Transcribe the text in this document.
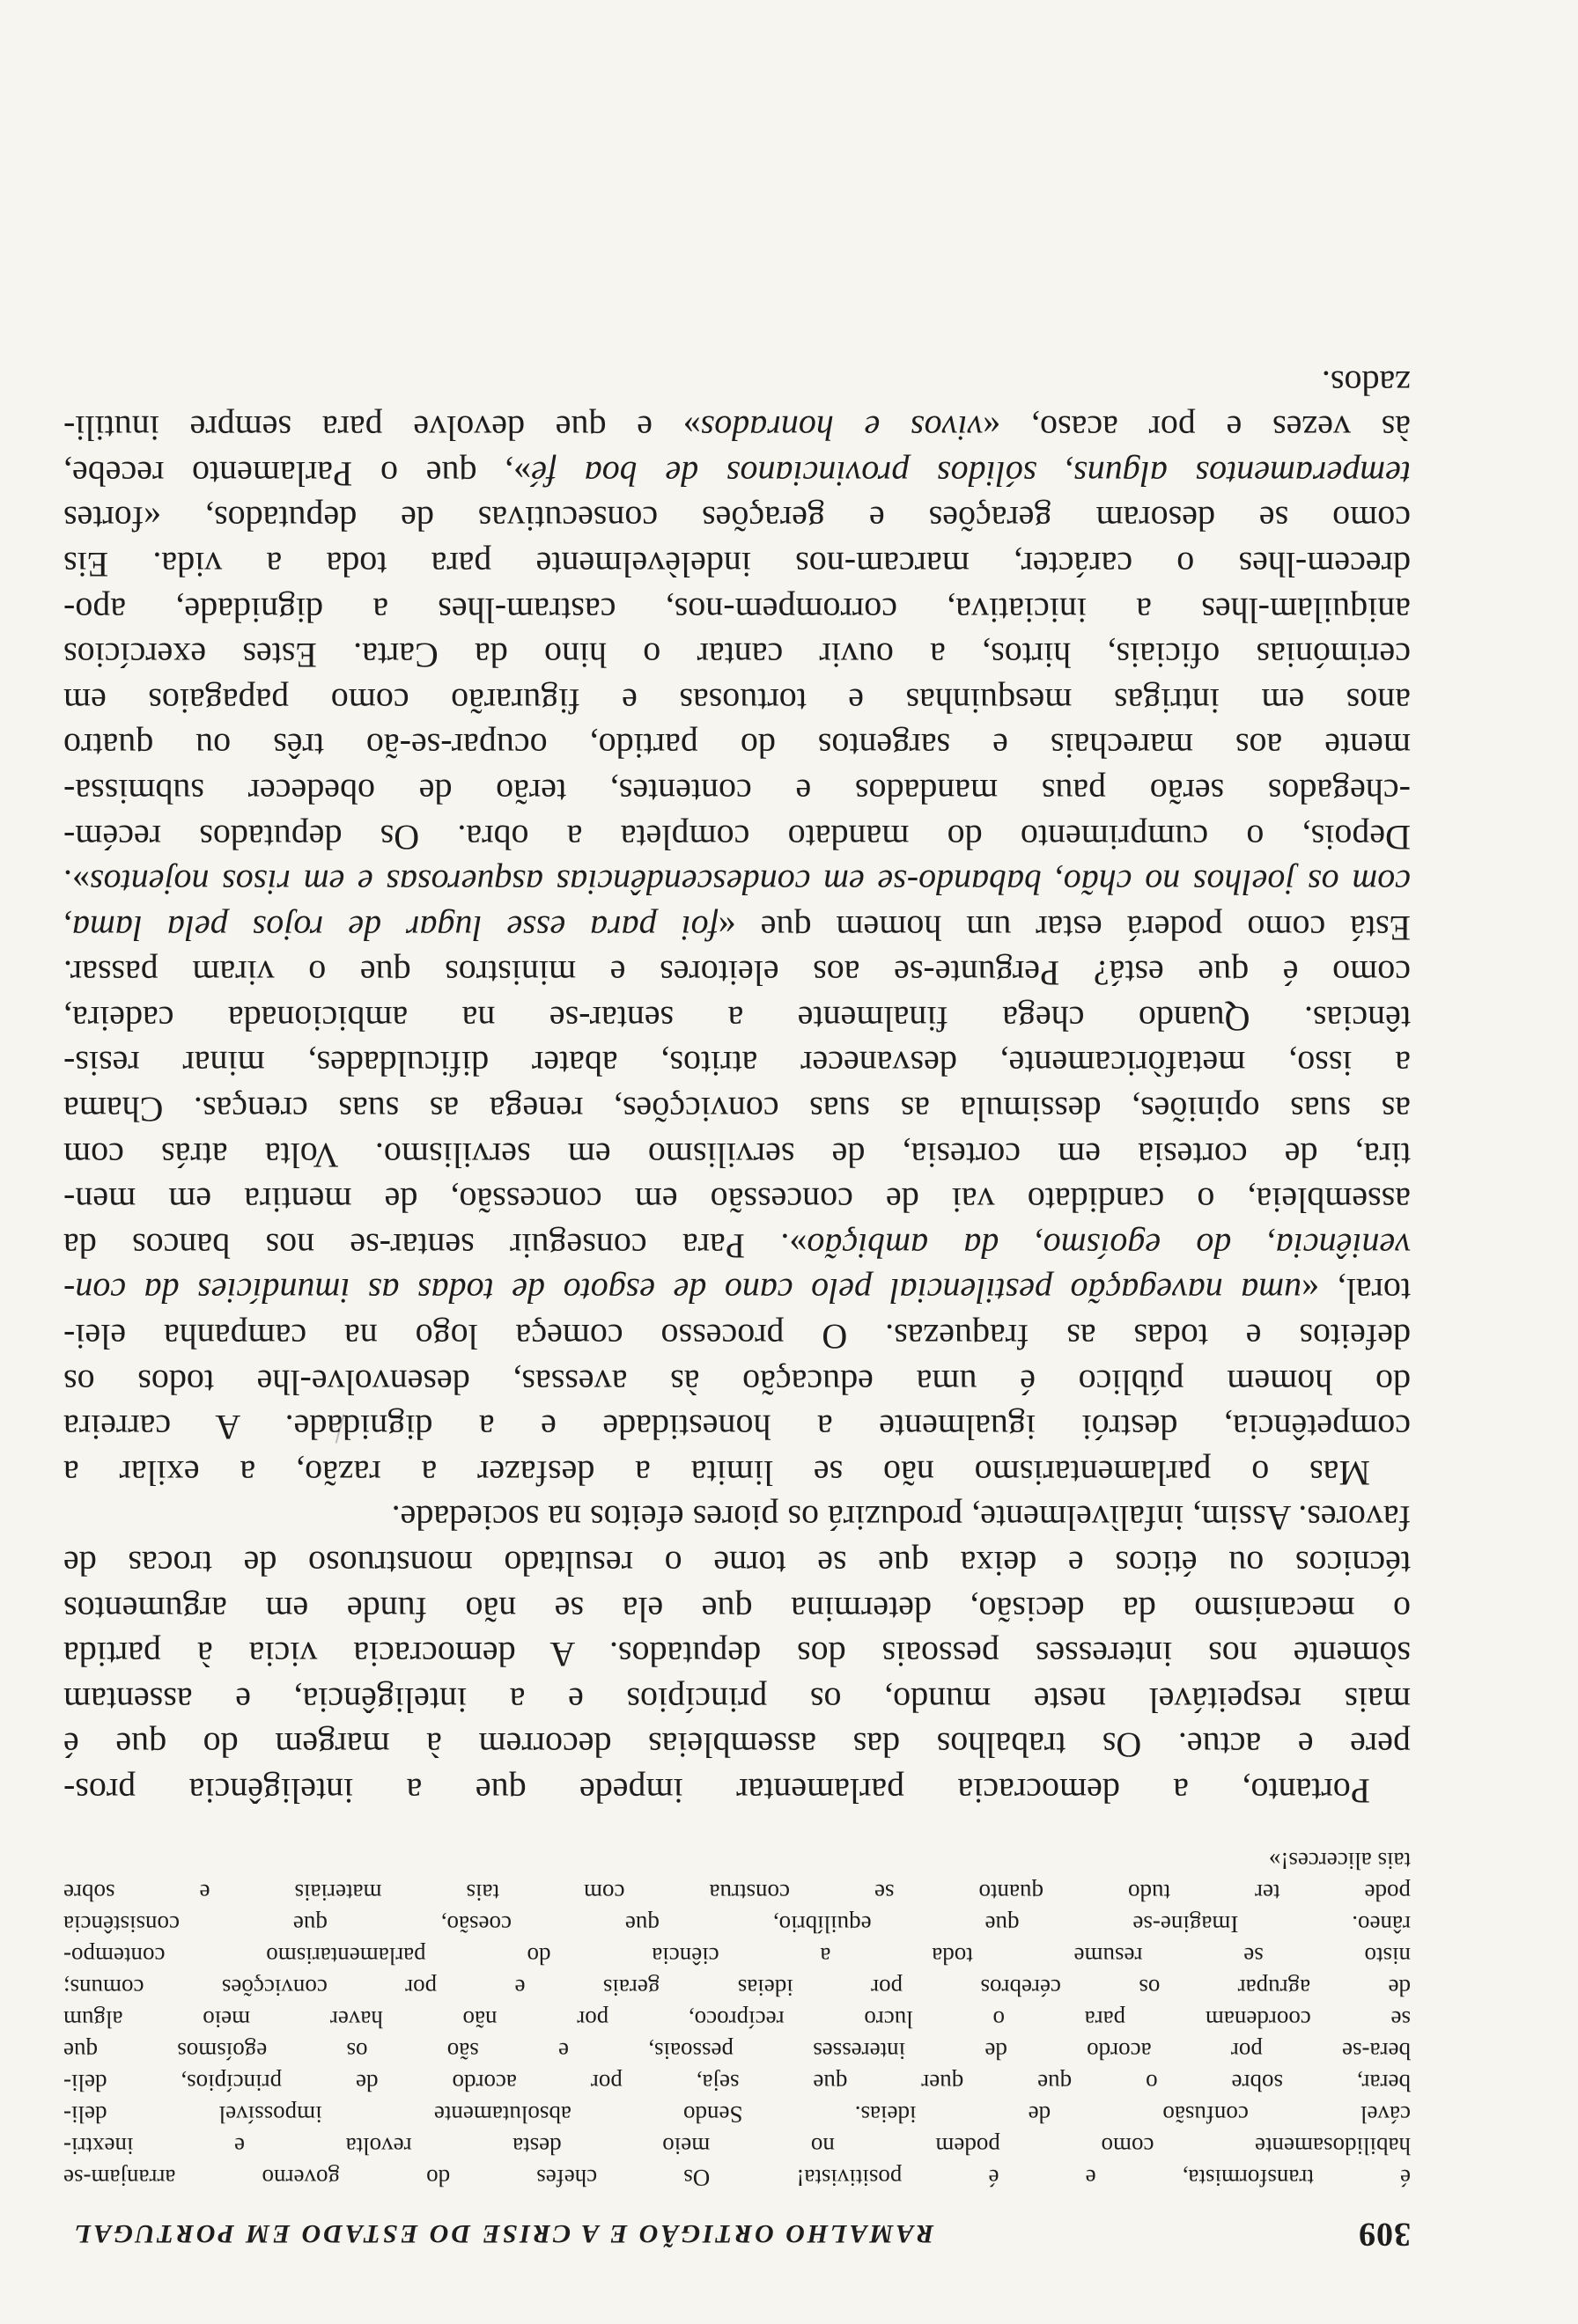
309
RAMALHO ORTIGÃO E A CRISE DO ESTADO EM PORTUGAL
é transformista, e é positivista! Os chefes do governo arranjam-se
habilidosamente como podem no meio desta revolta e inextri-
cável confusão de ideias. Sendo absolutamente impossível deli-
berar, sobre o que quer que seja, por acordo de princípios, deli-
bera-se por acordo de interesses pessoais, e são os egoísmos que
se coordenam para o lucro recíproco, por não haver meio algum
de agrupar os cérebros por ideias gerais e por convicções comuns;
nisto se resume toda a ciência do parlamentarismo contempo-
râneo. Imagine-se que equilíbrio, que coesão, que consistência
pode ter tudo quanto se construa com tais materiais e sobre
tais alicerces!»
Portanto, a democracia parlamentar impede que a inteligência pros-
pere e actue. Os trabalhos das assembleias decorrem à margem do que é
mais respeitável neste mundo, os princípios e a inteligência, e assentam
sòmente nos interesses pessoais dos deputados. A democracia vicia à partida
o mecanismo da decisão, determina que ela se não funde em argumentos
técnicos ou éticos e deixa que se torne o resultado monstruoso de trocas de
favores. Assim, infalìvelmente, produzirá os piores efeitos na sociedade.
Mas o parlamentarismo não se limita a desfazer a razão, a exilar a
competência, destrói igualmente a honestidade e a dignidade. A carreira
do homem público é uma educação às avessas, desenvolve-lhe todos os
defeitos e todas as fraquezas. O processo começa logo na campanha elei-
toral, «uma navegação pestilencial pelo cano de esgoto de todas as imundícies da con-
veniência, do egoísmo, da ambição». Para conseguir sentar-se nos bancos da
assembleia, o candidato vai de concessão em concessão, de mentira em men-
tira, de cortesia em cortesia, de servilismo em servilismo. Volta atrás com
as suas opiniões, dessimula as suas convicções, renega as suas crenças. Chama
a isso, metafòricamente, desvanecer atritos, abater dificuldades, minar resis-
tências. Quando chega finalmente a sentar-se na ambicionada cadeira,
como é que está? Pergunte-se aos eleitores e ministros que o viram passar.
Está como poderá estar um homem que «foi para esse lugar de rojos pela lama,
com os joelhos no chão, babando-se em condescendências asquerosas e em risos nojentos».
Depois, o cumprimento do mandato completa a obra. Os deputados recém-
-chegados serão paus mandados e contentes, terão de obedecer submissa-
mente aos marechais e sargentos do partido, ocupar-se-ão três ou quatro
anos em intrigas mesquinhas e tortuosas e figurarão como papagaios em
cerimónias oficiais, hirtos, a ouvir cantar o hino da Carta. Estes exercícios
aniquilam-lhes a iniciativa, corrompem-nos, castram-lhes a dignidade, apo-
drecem-lhes o carácter, marcam-nos indelèvelmente para toda a vida. Eis
como se desoram gerações e gerações consecutivas de deputados, «fortes
temperamentos alguns, sólidos provincianos de boa fé», que o Parlamento recebe,
às vezes e por acaso, «vivos e honrados» e que devolve para sempre inutili-
zados.
